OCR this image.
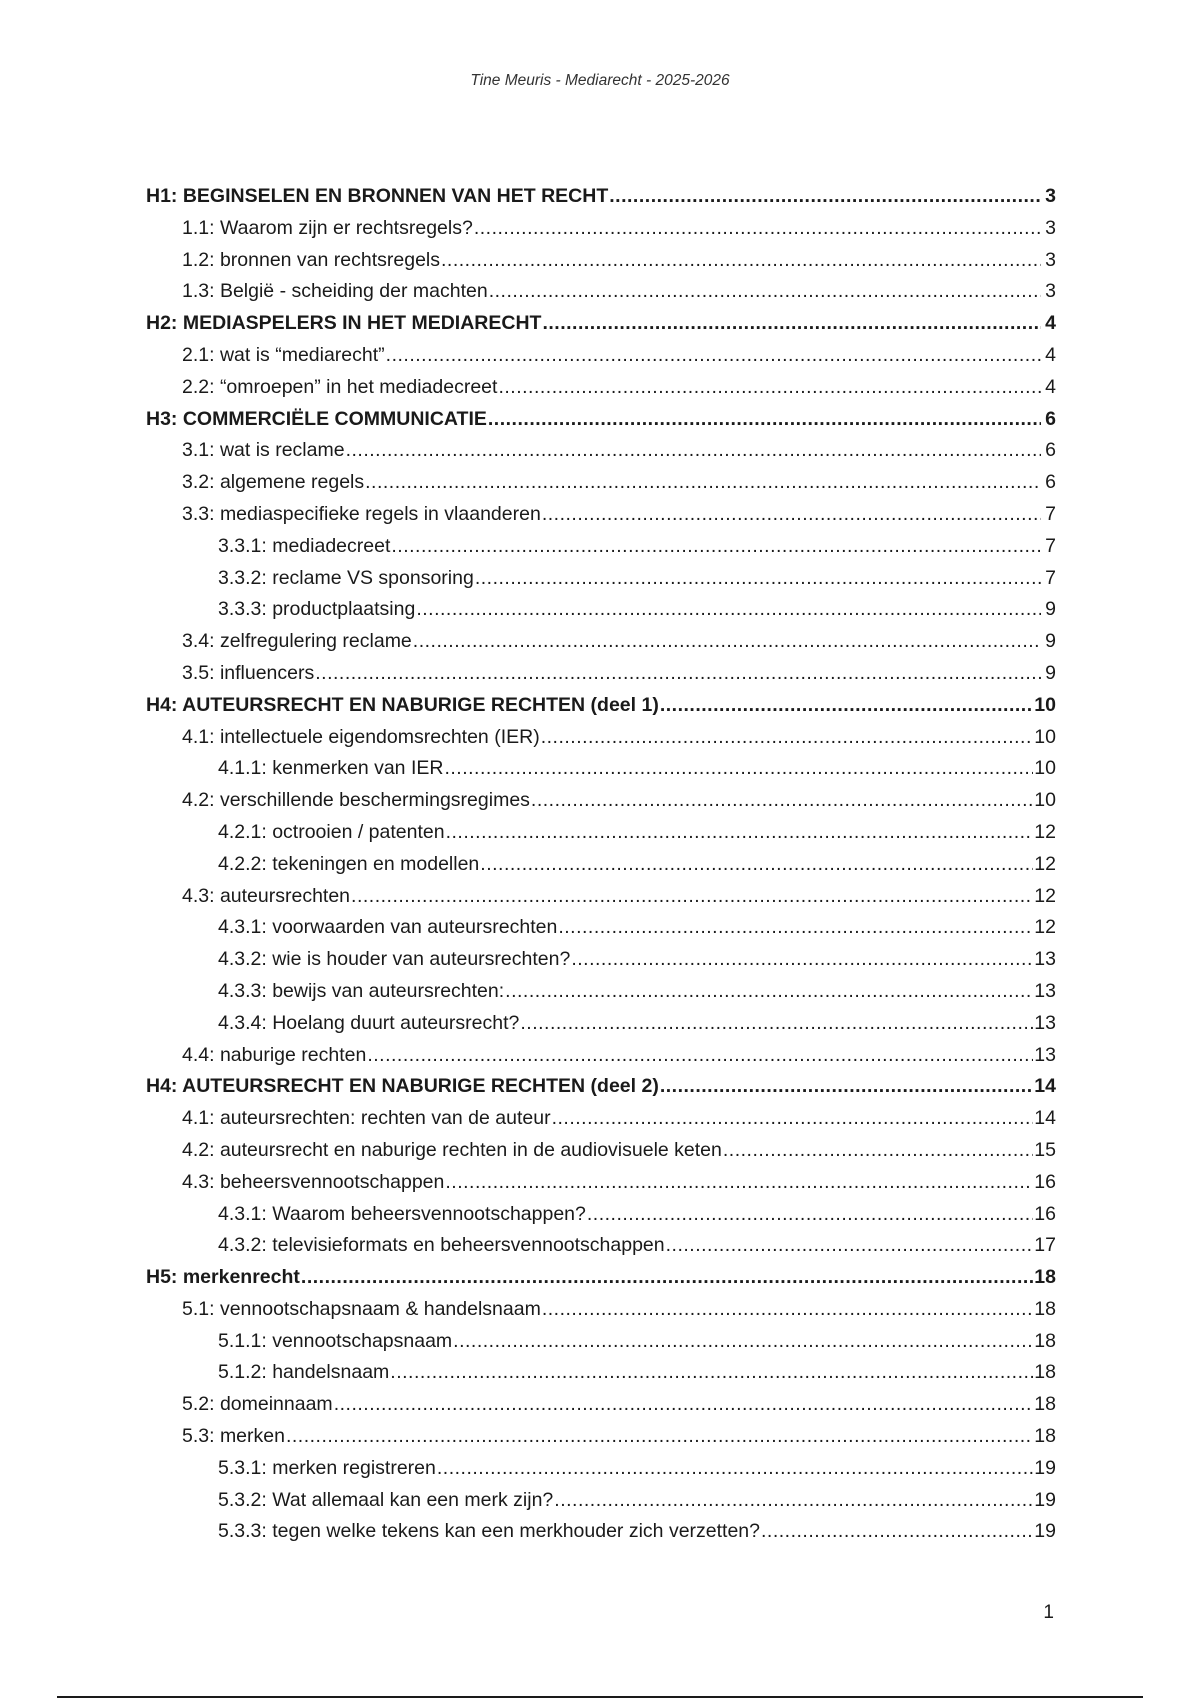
Tine Meuris - Mediarecht - 2025-2026
H1: BEGINSELEN EN BRONNEN VAN HET RECHT .....	3
1.1: Waarom zijn er rechtsregels? .....	3
1.2: bronnen van rechtsregels .....	3
1.3: België - scheiding der machten .....	3
H2: MEDIASPELERS IN HET MEDIARECHT .....	4
2.1: wat is “mediarecht” .....	4
2.2: “omroepen” in het mediadecreet .....	4
H3: COMMERCIËLE COMMUNICATIE .....	6
3.1: wat is reclame .....	6
3.2: algemene regels .....	6
3.3: mediaspecifieke regels in vlaanderen .....	7
3.3.1: mediadecreet .....	7
3.3.2: reclame VS sponsoring .....	7
3.3.3: productplaatsing .....	9
3.4: zelfregulering reclame .....	9
3.5: influencers .....	9
H4: AUTEURSRECHT EN NABURIGE RECHTEN (deel 1) .....	10
4.1: intellectuele eigendomsrechten (IER) .....	10
4.1.1: kenmerken van IER .....	10
4.2: verschillende beschermingsregimes .....	10
4.2.1: octrooien / patenten .....	12
4.2.2: tekeningen en modellen .....	12
4.3: auteursrechten .....	12
4.3.1: voorwaarden van auteursrechten .....	12
4.3.2: wie is houder van auteursrechten? .....	13
4.3.3: bewijs van auteursrechten: .....	13
4.3.4: Hoelang duurt auteursrecht? .....	13
4.4: naburige rechten .....	13
H4: AUTEURSRECHT EN NABURIGE RECHTEN (deel 2) .....	14
4.1: auteursrechten: rechten van de auteur .....	14
4.2: auteursrecht en naburige rechten in de audiovisuele keten .....	15
4.3: beheersvennootschappen .....	16
4.3.1: Waarom beheersvennootschappen? .....	16
4.3.2: televisieformats en beheersvennootschappen .....	17
H5: merkenrecht .....	18
5.1: vennootschapsnaam & handelsnaam .....	18
5.1.1: vennootschapsnaam .....	18
5.1.2: handelsnaam .....	18
5.2: domeinnaam .....	18
5.3: merken .....	18
5.3.1: merken registreren .....	19
5.3.2: Wat allemaal kan een merk zijn? .....	19
5.3.3: tegen welke tekens kan een merkhouder zich verzetten? .....	19
1
